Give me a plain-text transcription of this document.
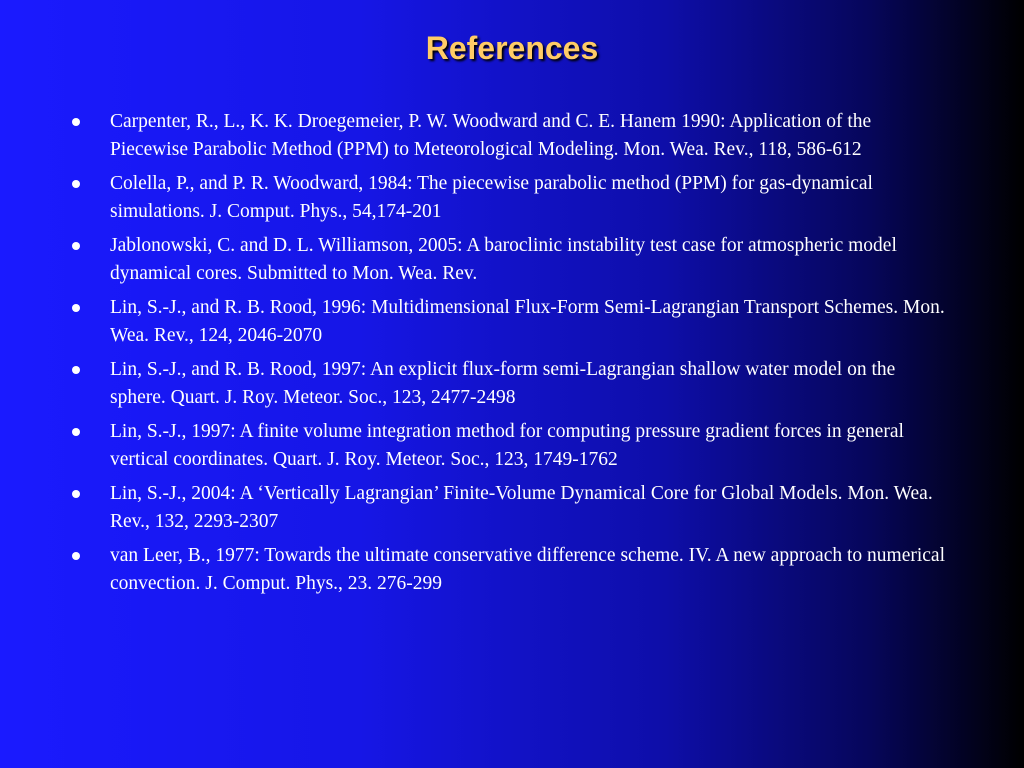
References
Carpenter, R., L., K. K. Droegemeier, P. W. Woodward and C. E. Hanem 1990: Application of the Piecewise Parabolic Method (PPM) to Meteorological Modeling. Mon. Wea. Rev., 118, 586-612
Colella, P., and P. R. Woodward, 1984: The piecewise parabolic method (PPM) for gas-dynamical simulations. J. Comput. Phys., 54,174-201
Jablonowski, C. and D. L. Williamson, 2005: A baroclinic instability test case for atmospheric model dynamical cores. Submitted to Mon. Wea. Rev.
Lin, S.-J., and R. B. Rood, 1996: Multidimensional Flux-Form Semi-Lagrangian Transport Schemes. Mon. Wea. Rev., 124, 2046-2070
Lin, S.-J., and R. B. Rood, 1997: An explicit flux-form semi-Lagrangian shallow water model on the sphere. Quart. J. Roy. Meteor. Soc., 123, 2477-2498
Lin, S.-J., 1997: A finite volume integration method for computing pressure gradient forces in general vertical coordinates. Quart. J. Roy. Meteor. Soc., 123, 1749-1762
Lin, S.-J., 2004: A ‘Vertically Lagrangian’ Finite-Volume Dynamical Core for Global Models. Mon. Wea. Rev., 132, 2293-2307
van Leer, B., 1977: Towards the ultimate conservative difference scheme. IV. A new approach to numerical convection. J. Comput. Phys., 23. 276-299
